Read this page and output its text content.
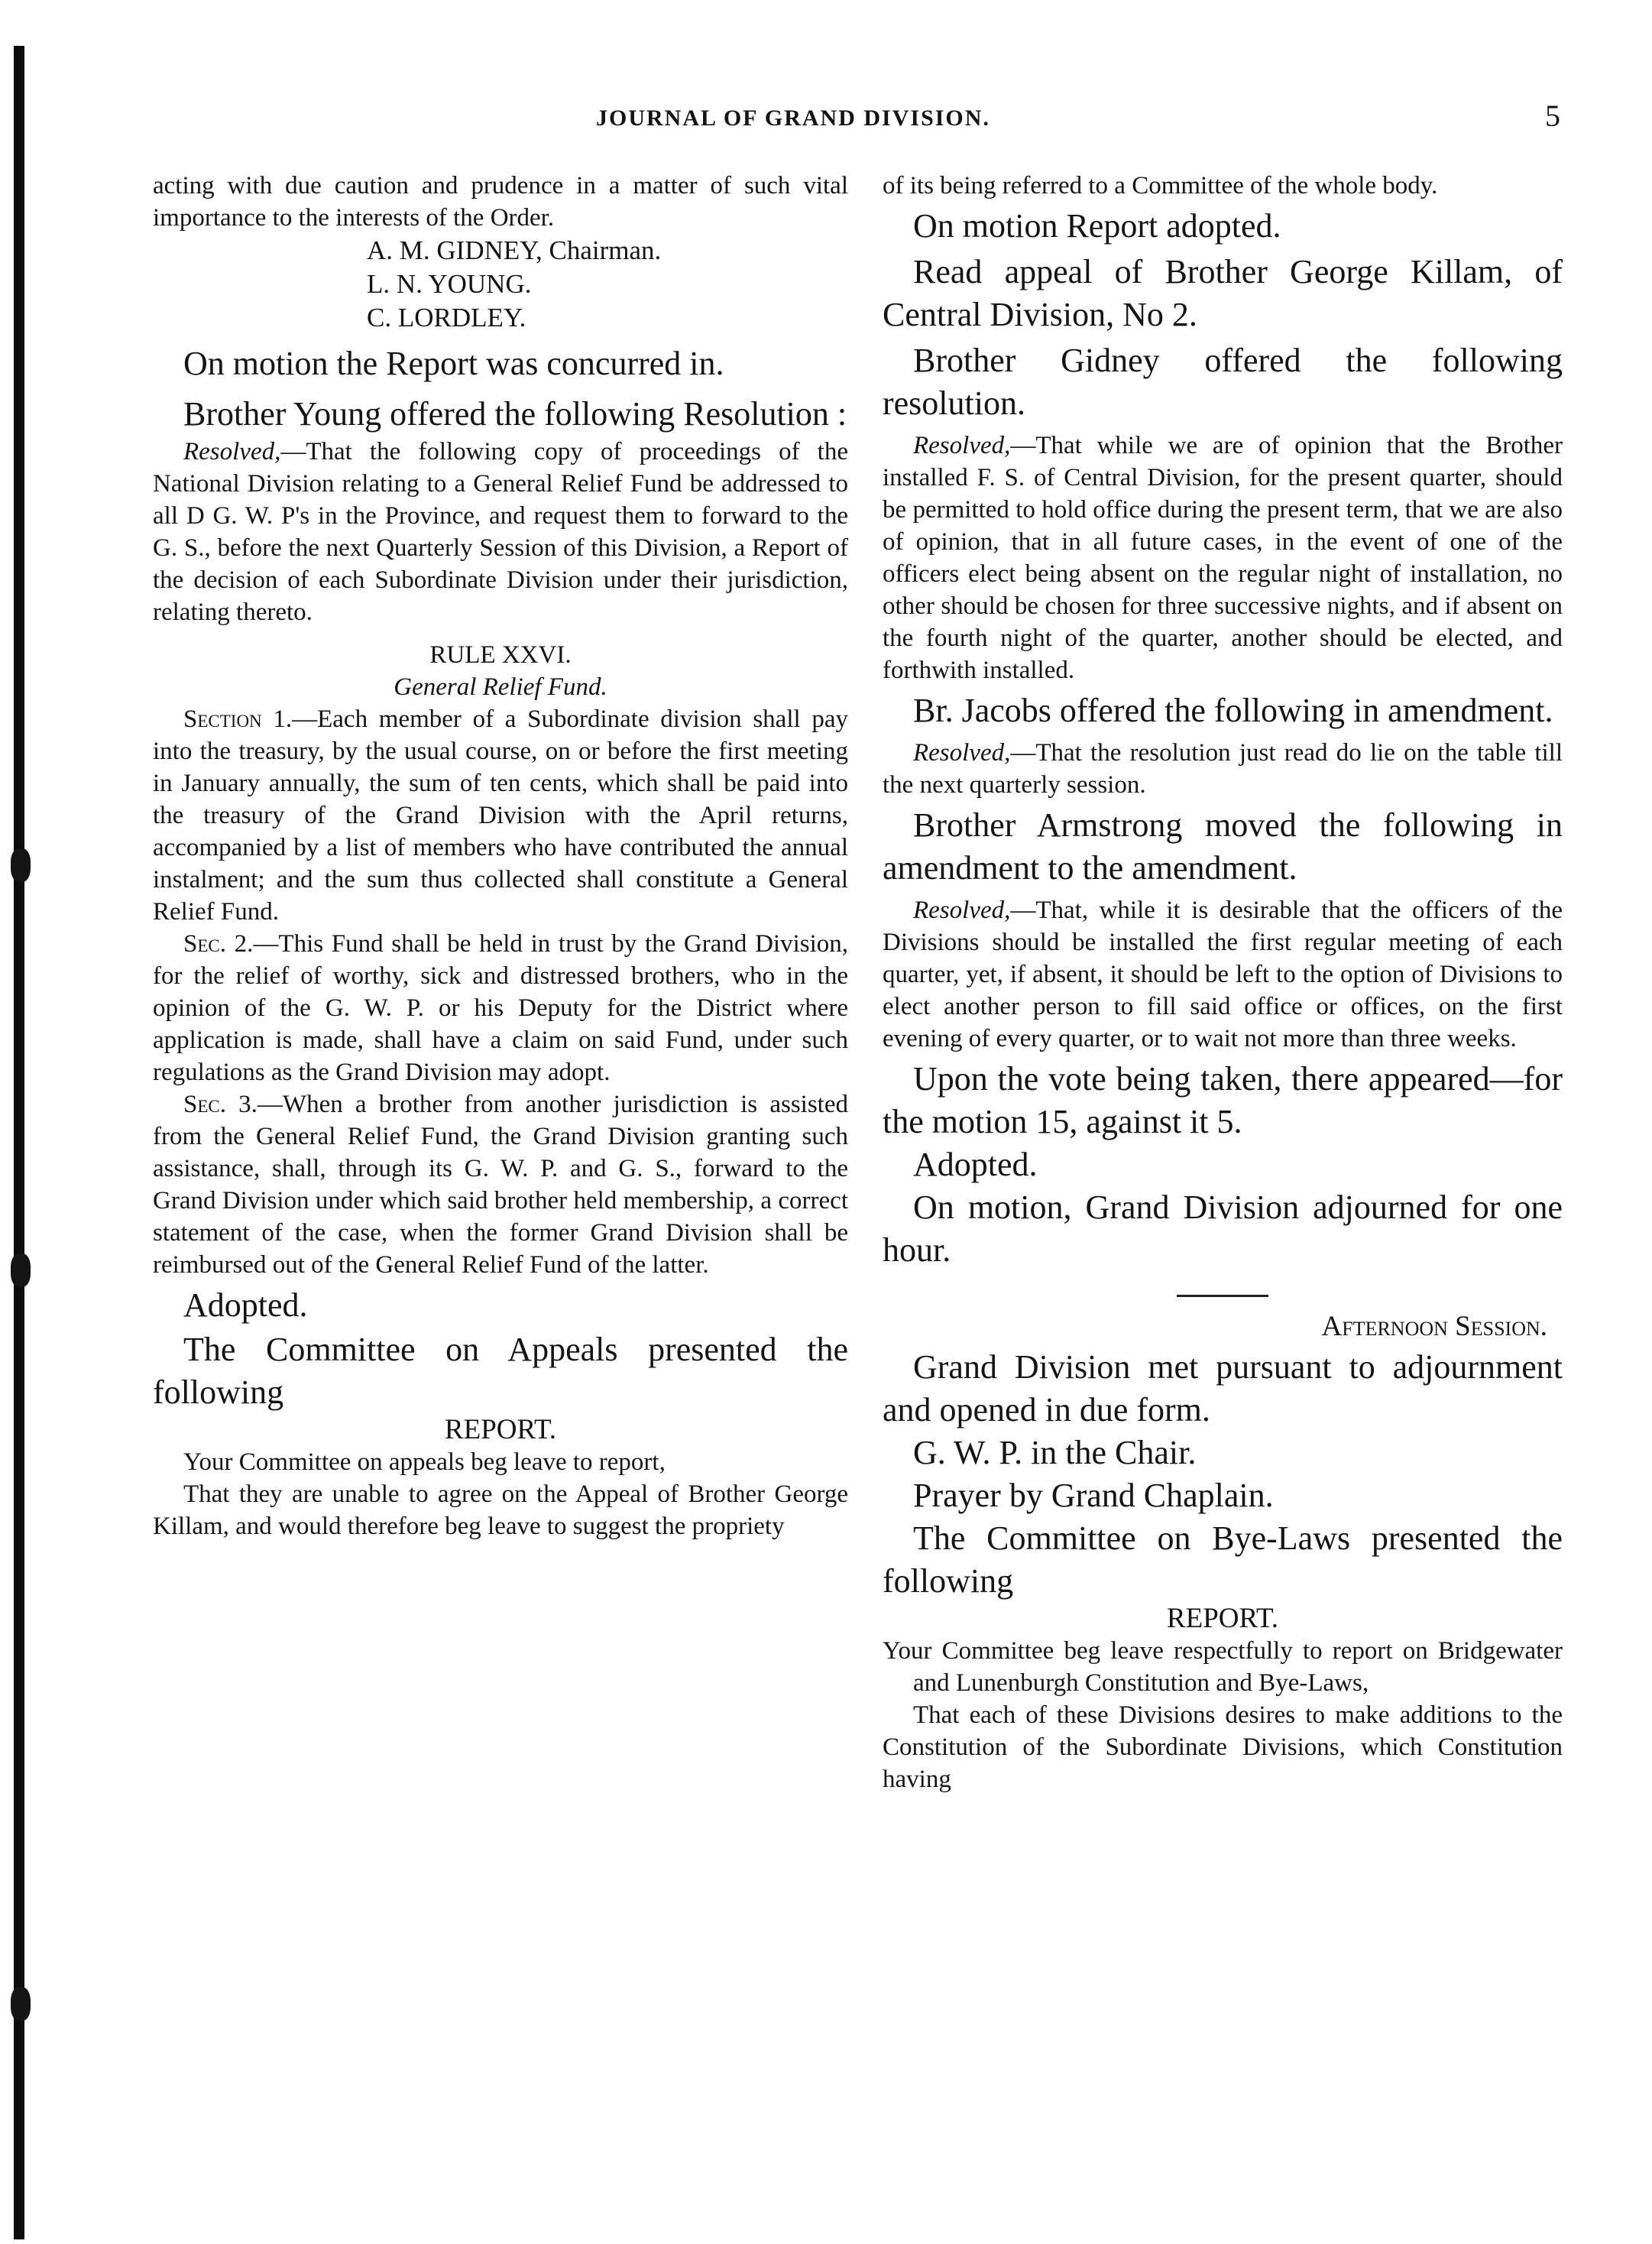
JOURNAL OF GRAND DIVISION.	5

acting with due caution and prudence in a matter of such vital importance to the interests of the Order.

A. M. GIDNEY, Chairman.
L. N. YOUNG.
C. LORDLEY.

On motion the Report was concurred in.

Brother Young offered the following Resolution :

Resolved,—That the following copy of proceedings of the National Division relating to a General Relief Fund be addressed to all D G. W. P's in the Province, and request them to forward to the G. S., before the next Quarterly Session of this Division, a Report of the decision of each Subordinate Division under their jurisdiction, relating thereto.

RULE XXVI.
General Relief Fund.

Section 1.—Each member of a Subordinate division shall pay into the treasury, by the usual course, on or before the first meeting in January annually, the sum of ten cents, which shall be paid into the treasury of the Grand Division with the April returns, accompanied by a list of members who have contributed the annual instalment; and the sum thus collected shall constitute a General Relief Fund.

Sec. 2.—This Fund shall be held in trust by the Grand Division, for the relief of worthy, sick and distressed brothers, who in the opinion of the G. W. P. or his Deputy for the District where application is made, shall have a claim on said Fund, under such regulations as the Grand Division may adopt.

Sec. 3.—When a brother from another jurisdiction is assisted from the General Relief Fund, the Grand Division granting such assistance, shall, through its G. W. P. and G. S., forward to the Grand Division under which said brother held membership, a correct statement of the case, when the former Grand Division shall be reimbursed out of the General Relief Fund of the latter.

Adopted.

The Committee on Appeals presented the following

REPORT.

Your Committee on appeals beg leave to report,

That they are unable to agree on the Appeal of Brother George Killam, and would therefore beg leave to suggest the propriety

of its being referred to a Committee of the whole body.

On motion Report adopted.

Read appeal of Brother George Killam, of Central Division, No 2.

Brother Gidney offered the following resolution.

Resolved,—That while we are of opinion that the Brother installed F. S. of Central Division, for the present quarter, should be permitted to hold office during the present term, that we are also of opinion, that in all future cases, in the event of one of the officers elect being absent on the regular night of installation, no other should be chosen for three successive nights, and if absent on the fourth night of the quarter, another should be elected, and forthwith installed.

Br. Jacobs offered the following in amendment.

Resolved,—That the resolution just read do lie on the table till the next quarterly session.

Brother Armstrong moved the following in amendment to the amendment.

Resolved,—That, while it is desirable that the officers of the Divisions should be installed the first regular meeting of each quarter, yet, if absent, it should be left to the option of Divisions to elect another person to fill said office or offices, on the first evening of every quarter, or to wait not more than three weeks.

Upon the vote being taken, there appeared—for the motion 15, against it 5.

Adopted.

On motion, Grand Division adjourned for one hour.

Afternoon Session.

Grand Division met pursuant to adjournment and opened in due form.

G. W. P. in the Chair.

Prayer by Grand Chaplain.

The Committee on Bye-Laws presented the following

REPORT.

Your Committee beg leave respectfully to report on Bridgewater and Lunenburgh Constitution and Bye-Laws,

That each of these Divisions desires to make additions to the Constitution of the Subordinate Divisions, which Constitution having
